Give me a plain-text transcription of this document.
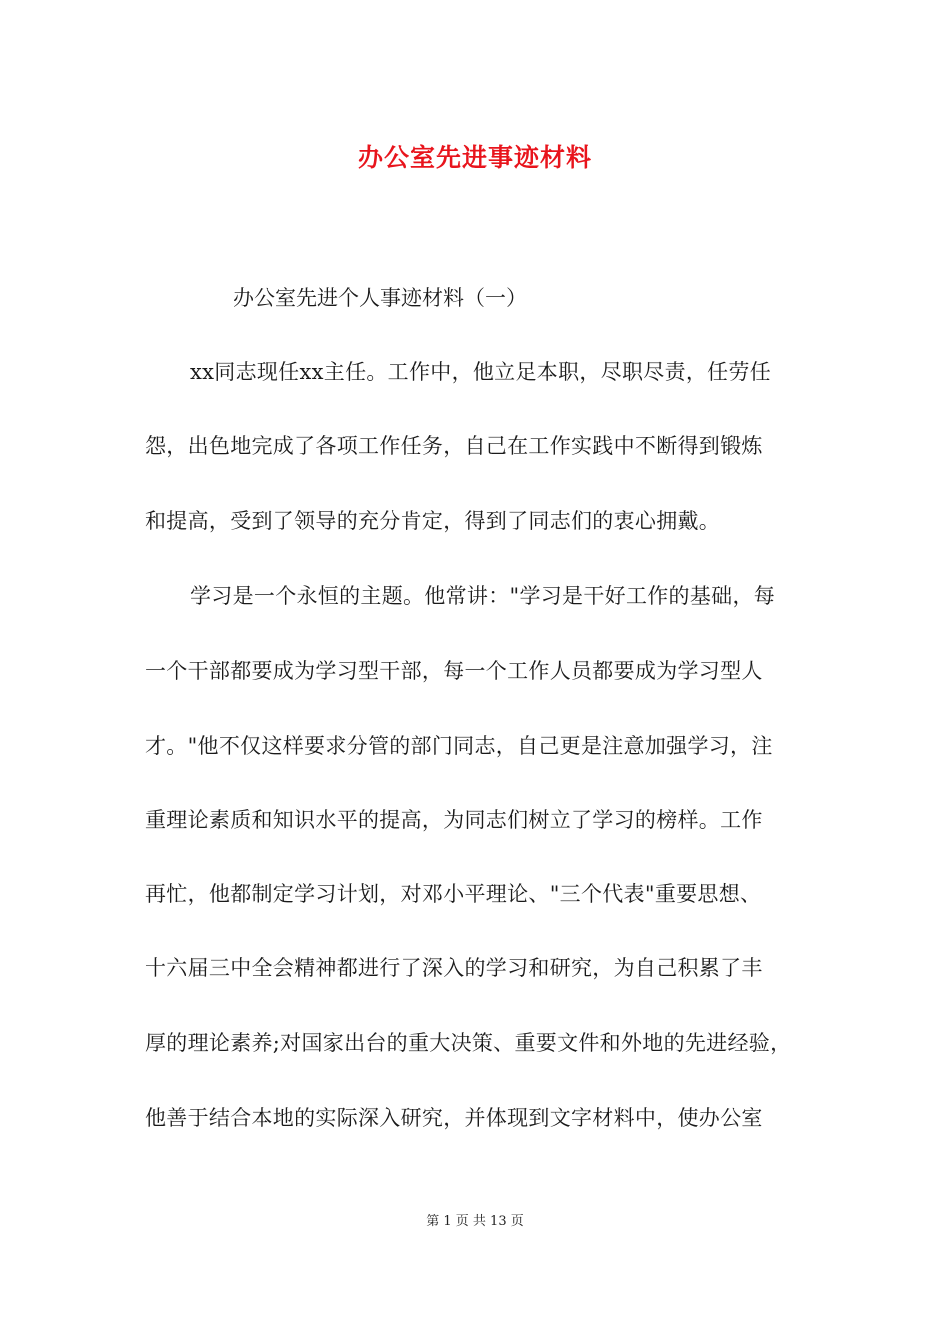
办公室先进事迹材料
办公室先进个人事迹材料（一）
xx同志现任xx主任。工作中，他立足本职，尽职尽责，任劳任
怨，出色地完成了各项工作任务，自己在工作实践中不断得到锻炼
和提高，受到了领导的充分肯定，得到了同志们的衷心拥戴。
学习是一个永恒的主题。他常讲："学习是干好工作的基础，每
一个干部都要成为学习型干部，每一个工作人员都要成为学习型人
才。"他不仅这样要求分管的部门同志，自己更是注意加强学习，注
重理论素质和知识水平的提高，为同志们树立了学习的榜样。工作
再忙，他都制定学习计划，对邓小平理论、"三个代表"重要思想、
十六届三中全会精神都进行了深入的学习和研究，为自己积累了丰
厚的理论素养;对国家出台的重大决策、重要文件和外地的先进经验，
他善于结合本地的实际深入研究，并体现到文字材料中，使办公室
第 1 页 共 13 页
